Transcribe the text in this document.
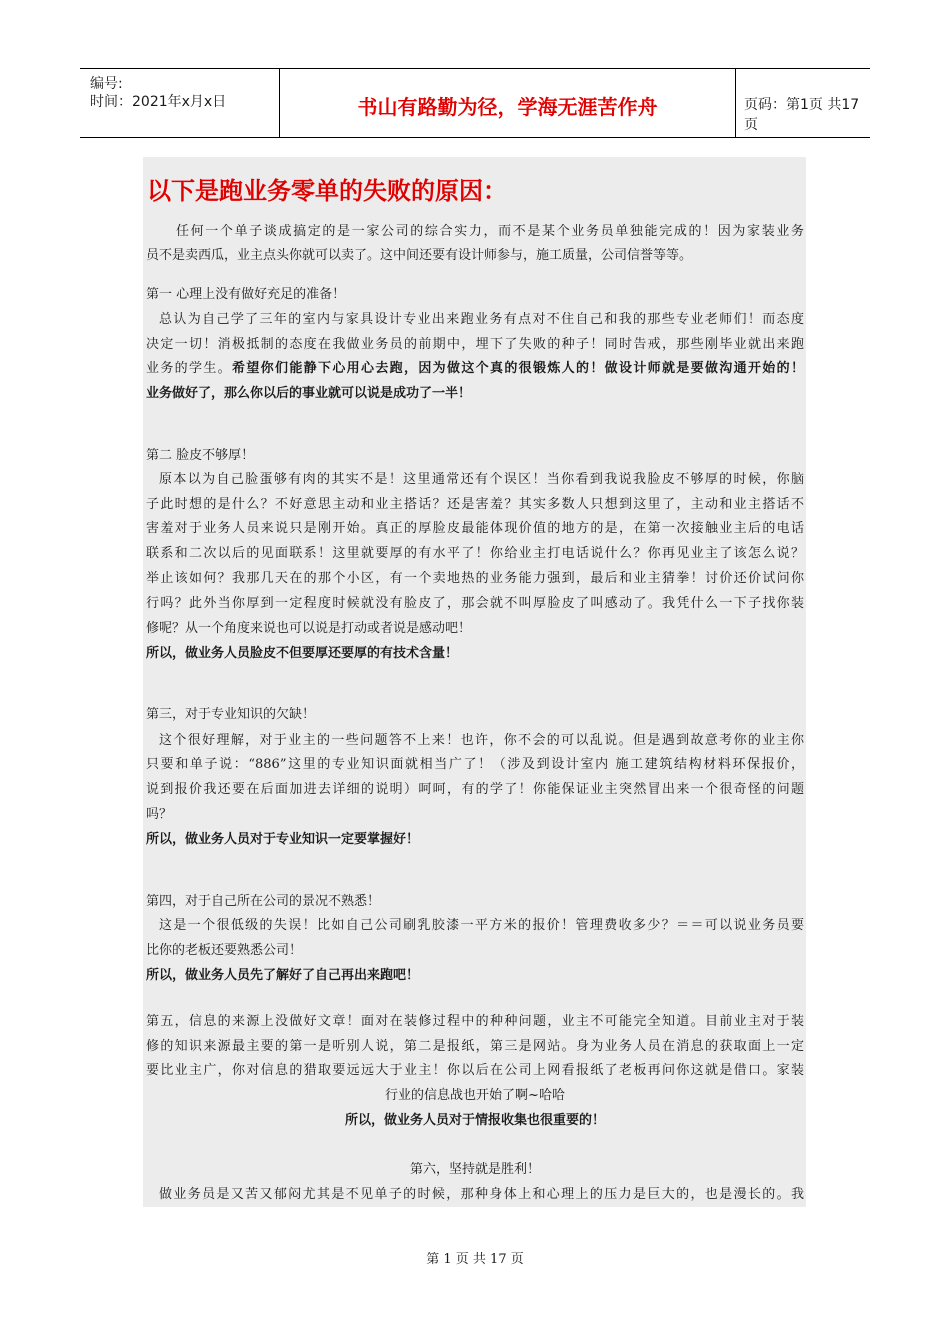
编号:
时间：2021年x月x日	书山有路勤为径，学海无涯苦作舟	页码：第1页 共17页
以下是跑业务零单的失败的原因：
任何一个单子谈成搞定的是一家公司的综合实力，而不是某个业务员单独能完成的！因为家装业务
员不是卖西瓜，业主点头你就可以卖了。这中间还要有设计师参与，施工质量，公司信誉等等。
第一 心理上没有做好充足的准备！
总认为自己学了三年的室内与家具设计专业出来跑业务有点对不住自己和我的那些专业老师们！而态度
决定一切！消极抵制的态度在我做业务员的前期中，埋下了失败的种子！同时告戒，那些刚毕业就出来跑
业务的学生。希望你们能静下心用心去跑，因为做这个真的很锻炼人的！做设计师就是要做沟通开始的！
业务做好了，那么你以后的事业就可以说是成功了一半！
第二 脸皮不够厚！
原本以为自己脸蛋够有肉的其实不是！这里通常还有个误区！当你看到我说我脸皮不够厚的时候，你脑
子此时想的是什么？不好意思主动和业主搭话？还是害羞？其实多数人只想到这里了，主动和业主搭话不
害羞对于业务人员来说只是刚开始。真正的厚脸皮最能体现价值的地方的是，在第一次接触业主后的电话
联系和二次以后的见面联系！这里就要厚的有水平了！你给业主打电话说什么？你再见业主了该怎么说？
举止该如何？我那几天在的那个小区，有一个卖地热的业务能力强到，最后和业主猜拳！讨价还价试问你
行吗？此外当你厚到一定程度时候就没有脸皮了，那会就不叫厚脸皮了叫感动了。我凭什么一下子找你装
修呢？从一个角度来说也可以说是打动或者说是感动吧！
所以，做业务人员脸皮不但要厚还要厚的有技术含量！
第三，对于专业知识的欠缺！
这个很好理解，对于业主的一些问题答不上来！也许，你不会的可以乱说。但是遇到故意考你的业主你
只要和单子说：“886”这里的专业知识面就相当广了！（涉及到设计室内 施工建筑结构材料环保报价，
说到报价我还要在后面加进去详细的说明）呵呵，有的学了！你能保证业主突然冒出来一个很奇怪的问题
吗？
所以，做业务人员对于专业知识一定要掌握好！
第四，对于自己所在公司的景况不熟悉！
这是一个很低级的失误！比如自己公司刷乳胶漆一平方米的报价！管理费收多少？＝＝可以说业务员要
比你的老板还要熟悉公司！
所以，做业务人员先了解好了自己再出来跑吧！
第五，信息的来源上没做好文章！面对在装修过程中的种种问题，业主不可能完全知道。目前业主对于装
修的知识来源最主要的第一是听别人说，第二是报纸，第三是网站。身为业务人员在消息的获取面上一定
要比业主广，你对信息的猎取要远远大于业主！你以后在公司上网看报纸了老板再问你这就是借口。家装
行业的信息战也开始了啊~哈哈
所以，做业务人员对于情报收集也很重要的！
第六，坚持就是胜利！
做业务员是又苦又郁闷尤其是不见单子的时候，那种身体上和心理上的压力是巨大的，也是漫长的。我
第 1 页 共 17 页
